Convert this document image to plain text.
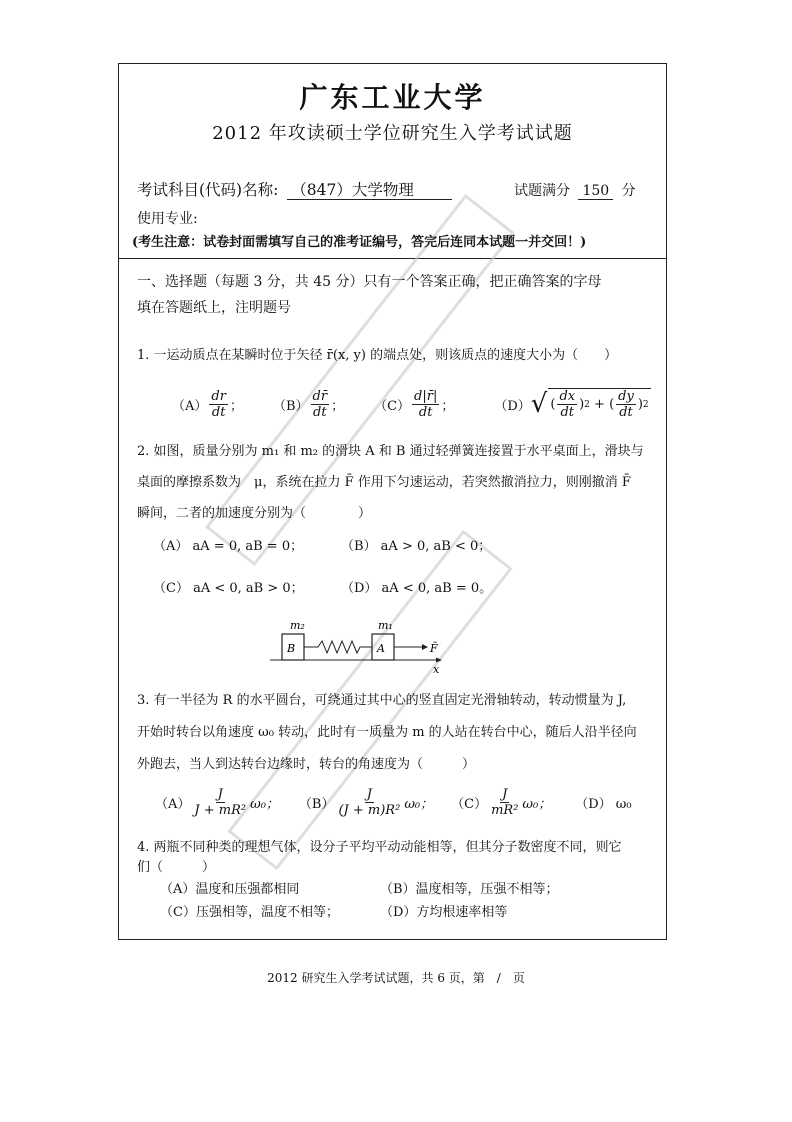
广东工业大学
2012 年攻读硕士学位研究生入学考试试题
考试科目(代码)名称: （847）大学物理	试题满分 150 分
使用专业:
(考生注意：试卷封面需填写自己的准考证编号，答完后连同本试题一并交回！)
一、选择题（每题 3 分，共 45 分）只有一个答案正确，把正确答案的字母
填在答题纸上，注明题号
1. 一运动质点在某瞬时位于矢径 r̄(x, y) 的端点处，则该质点的速度大小为（　　）
$(A) \frac{dr}{dt}$ ； $(B) \frac{dr̄}{dt}$ ； $(C) \frac{d|r̄|}{dt}$ ；	（D） √ ( $\frac{dx}{dt}$ ) 2 + ( $\frac{dy}{dt}$ ) 2
2. 如图，质量分别为 m₁ 和 m₂ 的滑块 A 和 B 通过轻弹簧连接置于水平桌面上，滑块与
桌面的摩擦系数为　μ，系统在拉力 F̄ 作用下匀速运动，若突然撤消拉力，则刚撤消 F̄
瞬间，二者的加速度分别为（　　　　）
（A） aA = 0, aB = 0；	（B） aA > 0, aB < 0；
（C） aA < 0, aB > 0；	（D） aA < 0, aB = 0。
m₂	m₁
B	A	F̄
x
3. 有一半径为 R 的水平圆台，可绕通过其中心的竖直固定光滑轴转动，转动惯量为 J,
开始时转台以角速度 ω₀ 转动，此时有一质量为 m 的人站在转台中心，随后人沿半径向
外跑去，当人到达转台边缘时，转台的角速度为（　　　）
$(A) \frac{J}{\text{J + mR²}} \omega_0$； $(B) \frac{J}{\text{(J + m)R²}} \omega_0$； $(C) \frac{J}{\text{mR²}} \omega_0$； （D） ω₀
4. 两瓶不同种类的理想气体，设分子平均平动动能相等，但其分子数密度不同，则它
们（　　　）
（A）温度和压强都相同	（B）温度相等，压强不相等；
（C）压强相等，温度不相等；	（D）方均根速率相等
2012 研究生入学考试试题，共 6 页，第　/　页
